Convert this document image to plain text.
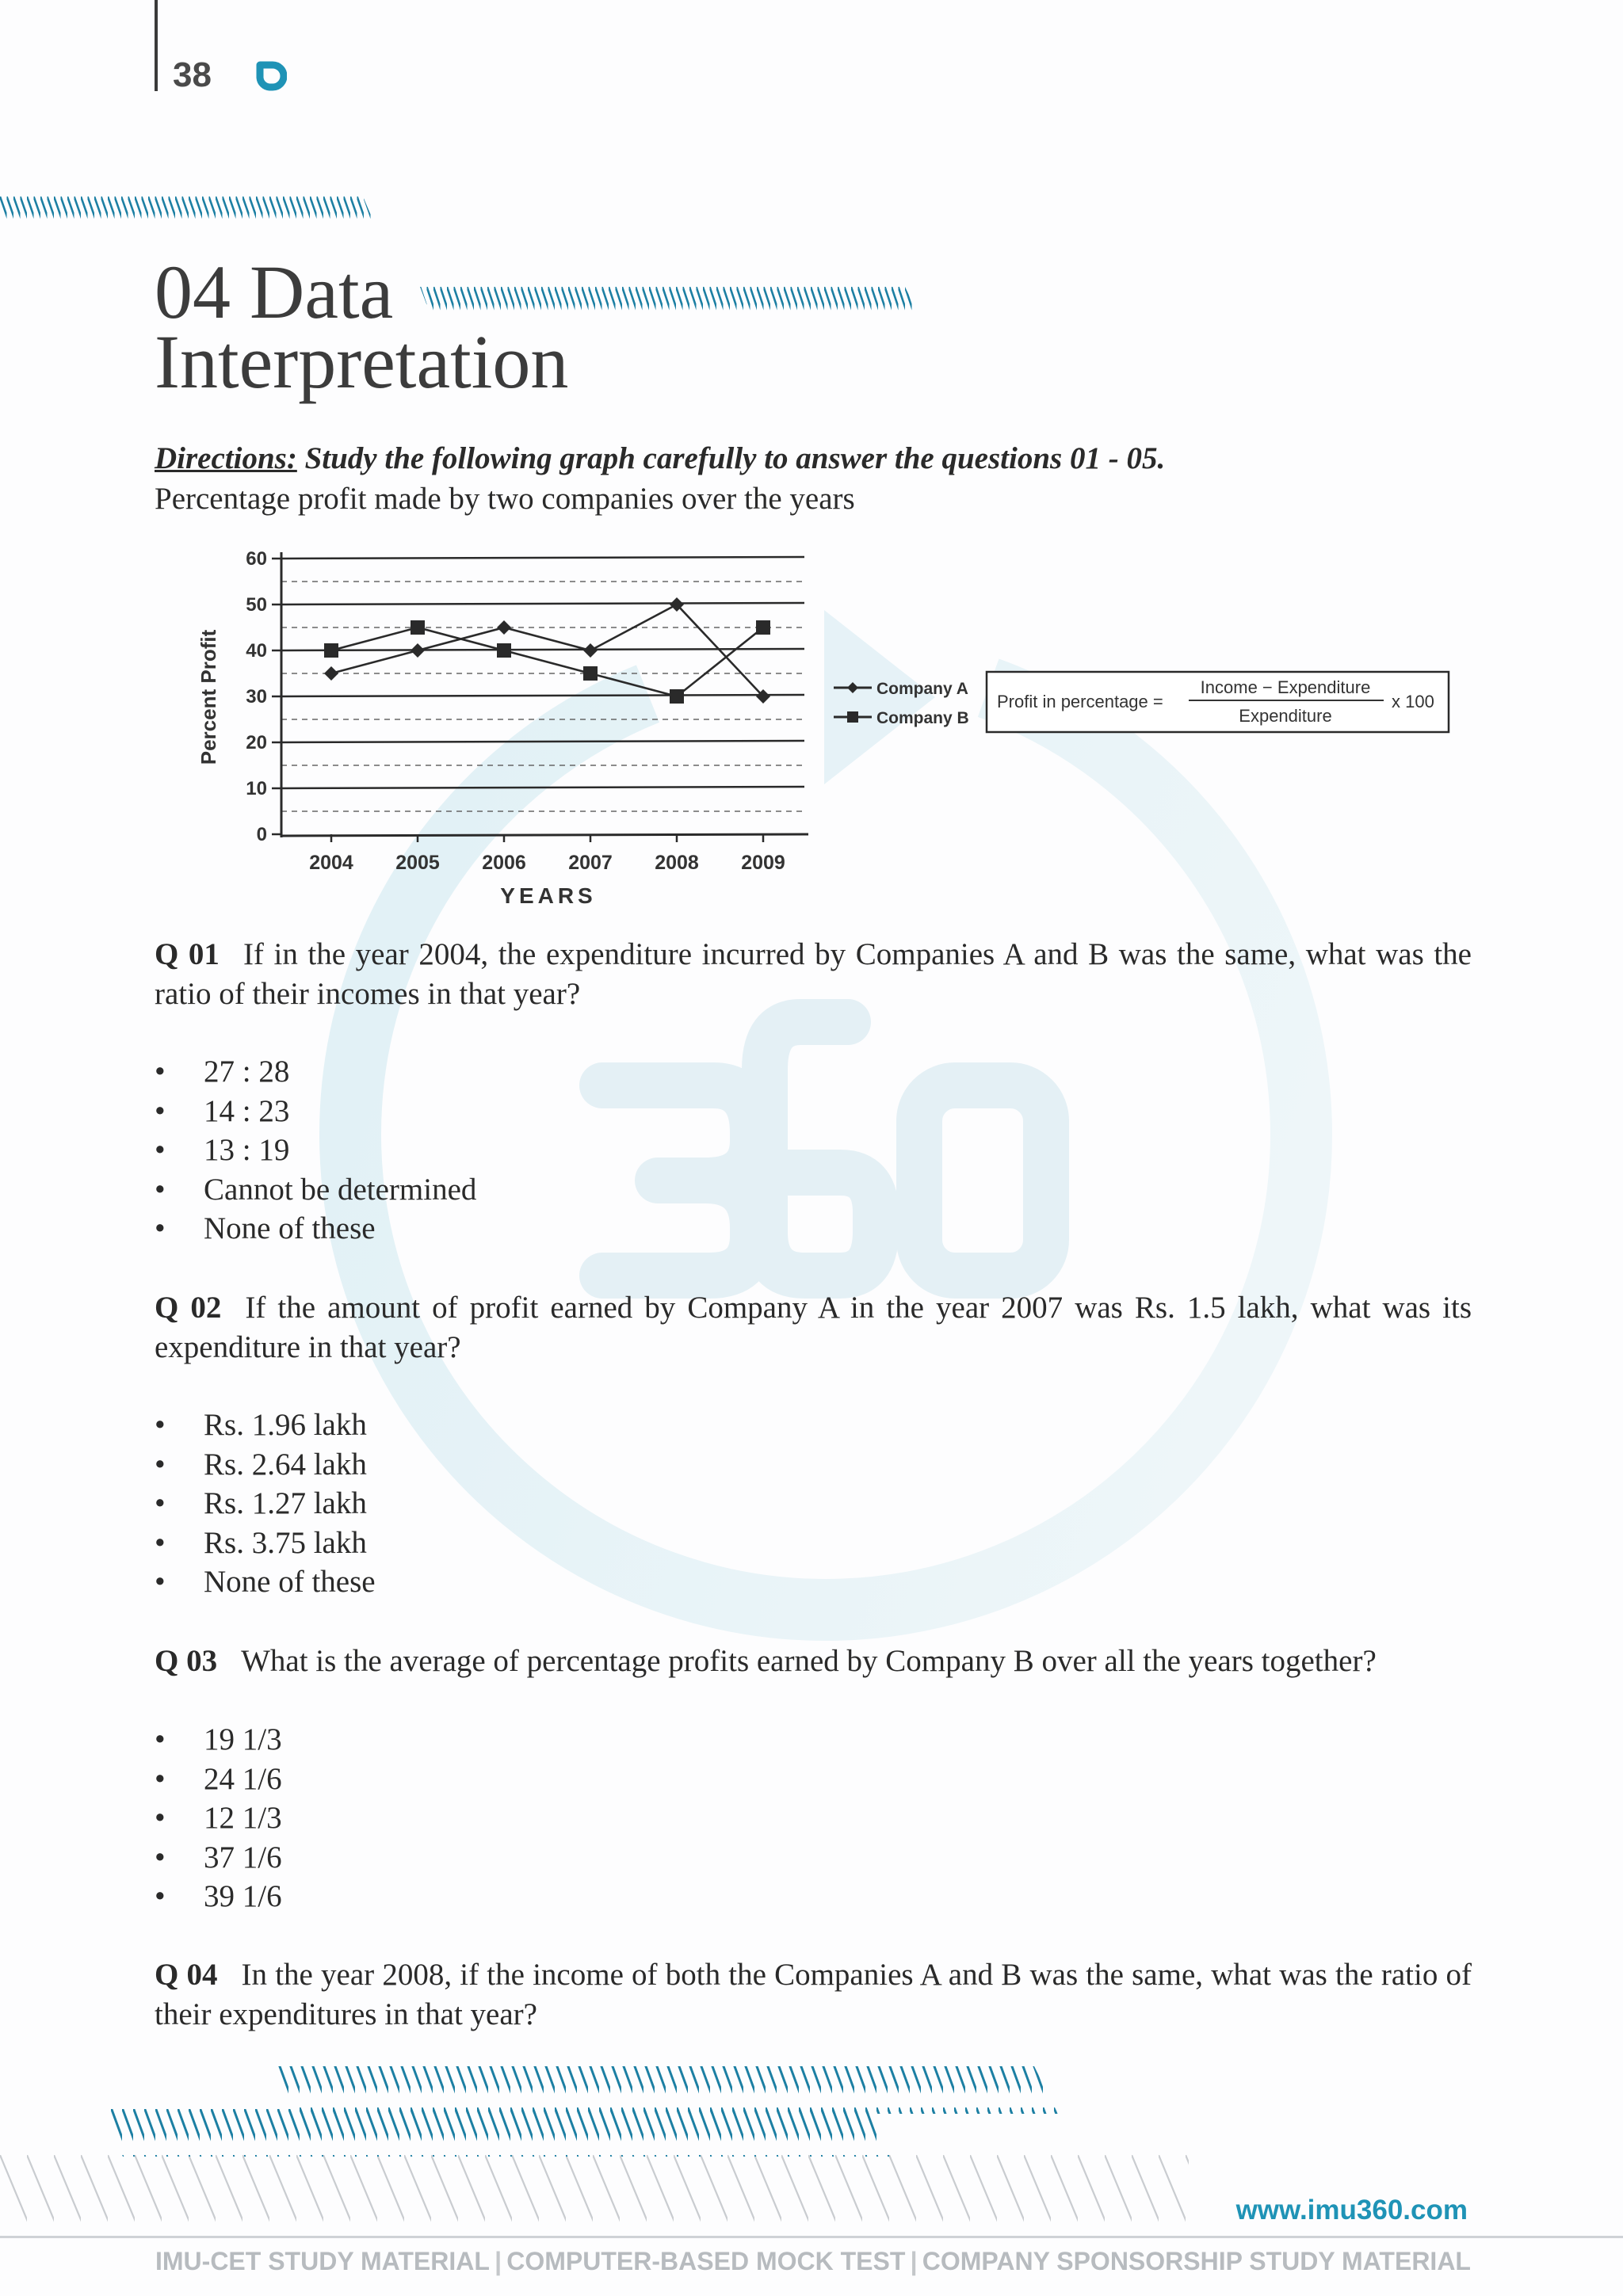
38
04 Data
Interpretation
Directions: Study the following graph carefully to answer the questions 01 - 05.
Percentage profit made by two companies over the years
0
10
20
30
40
50
60
2004 2005 2006 2007 2008 2009
Percent Profit
YEARS
Company A
Company B
Profit in percentage =
Income − Expenditure
Expenditure
x 100
Q 01 If in the year 2004, the expenditure incurred by Companies A and B was the same, what was the ratio of their incomes in that year?
• 27 : 28
• 14 : 23
• 13 : 19
• Cannot be determined
• None of these
Q 02 If the amount of profit earned by Company A in the year 2007 was Rs. 1.5 lakh, what was its expenditure in that year?
• Rs. 1.96 lakh
• Rs. 2.64 lakh
• Rs. 1.27 lakh
• Rs. 3.75 lakh
• None of these
Q 03 What is the average of percentage profits earned by Company B over all the years together?
• 19 1/3
• 24 1/6
• 12 1/3
• 37 1/6
• 39 1/6
Q 04 In the year 2008, if the income of both the Companies A and B was the same, what was the ratio of their expenditures in that year?
www.imu360.com
IMU-CET STUDY MATERIAL | COMPUTER-BASED MOCK TEST | COMPANY SPONSORSHIP STUDY MATERIAL
